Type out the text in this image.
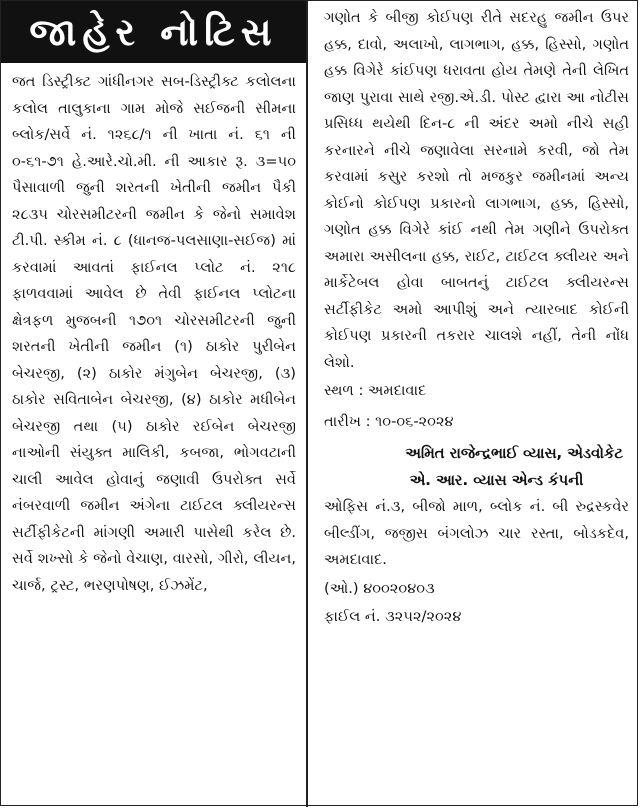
જાહેર નોટિસ
જત ડિસ્ટ્રીક્ટ ગાંધીનગર સબ-ડિસ્ટ્રીક્ટ કલોલના કલોલ તાલુકાના ગામ મોજે સઈજની સીમના બ્લોક/સર્વે નં. ૧૨૬૮/૧ ની ખાતા નં. ૬૧ ની ૦-૬૧-૭૧ હે.આરે.ચો.મી. ની આકાર રૂ. ૩=૫૦ પૈસાવાળી જુની શરતની ખેતીની જમીન પૈકી ૨૮૩૫ ચોરસમીટરની જમીન કે જેનો સમાવેશ ટી.પી. સ્કીમ નં. ૮ (ધાનજ-પલસાણા-સઈજ) માં કરવામાં આવતાં ફાઈનલ પ્લોટ નં. ૨૧૮ ફાળવવામાં આવેલ છે તેવી ફાઈનલ પ્લોટના ક્ષેત્રફળ મુજબની ૧૭૦૧ ચોરસમીટરની જુની શરતની ખેતીની જમીન (૧) ઠાકોર પુરીબેન બેચરજી, (૨) ઠાકોર મંગુબેન બેચરજી, (૩) ઠાકોર સવિતાબેન બેચરજી, (૪) ઠાકોર મધીબેન બેચરજી તથા (૫) ઠાકોર રઈબેન બેચરજી નાઓની સંયુક્ત માલિકી, કબજા, ભોગવટાની ચાલી આવેલ હોવાનું જણાવી ઉપરોક્ત સર્વે નંબરવાળી જમીન અંગેના ટાઈટલ ક્લીયરન્સ સર્ટીફીકેટની માંગણી અમારી પાસેથી કરેલ છે. સર્વે શખ્સો કે જેનો વેચાણ, વારસો, ગીરો, લીયન, ચાર્જ, ટ્રસ્ટ, ભરણપોષણ, ઈઝમેંટ,
ગણોત કે બીજી કોઈપણ રીતે સદરહુ જમીન ઉપર હક્ક, દાવો, અલાખો, લાગભાગ, હક્ક, હિસ્સો, ગણોત હક્ક વિગેરે કાંઈપણ ધરાવતા હોય તેમણે તેની લેખિત જાણ પુરાવા સાથે રજી.એ.ડી. પોસ્ટ દ્વારા આ નોટીસ પ્રસિધ્ધ થયેથી દિન-૮ ની અંદર અમો નીચે સહી કરનારને નીચે જણાવેલા સરનામે કરવી, જો તેમ કરવામાં કસુર કરશો તો મજકુર જમીનમાં અન્ય કોઈનો કોઈપણ પ્રકારનો લાગભાગ, હક્ક, હિસ્સો, ગણોત હક્ક વિગેરે કાંઈ નથી તેમ ગણીને ઉપરોક્ત અમારા અસીલના હક્ક, રાઈટ, ટાઈટલ ક્લીયર અને માર્કેટેબલ હોવા બાબતનું ટાઈટલ ક્લીયરન્સ સર્ટીફીકેટ અમો આપીશું અને ત્યારબાદ કોઈની કોઈપણ પ્રકારની તકરાર ચાલશે નહીં, તેની નોંધ લેશો.
સ્થળ : અમદાવાદ
તારીખ : ૧૦-૦૬-૨૦૨૪
અમિત રાજેન્દ્રભાઈ વ્યાસ, એડવોકેટ
એ. આર. વ્યાસ એન્ડ કંપની
ઓફિસ નં.૩, બીજો માળ, બ્લોક નં. બી રુદ્રસ્કવેર બીલ્ડીંગ, જજીસ બંગલોઝ ચાર રસ્તા, બોડકદેવ, અમદાવાદ.
(ઓ.) ૪૦૦૨૦૪૦૩
ફાઈલ નં. ૩૨૫૨/૨૦૨૪
